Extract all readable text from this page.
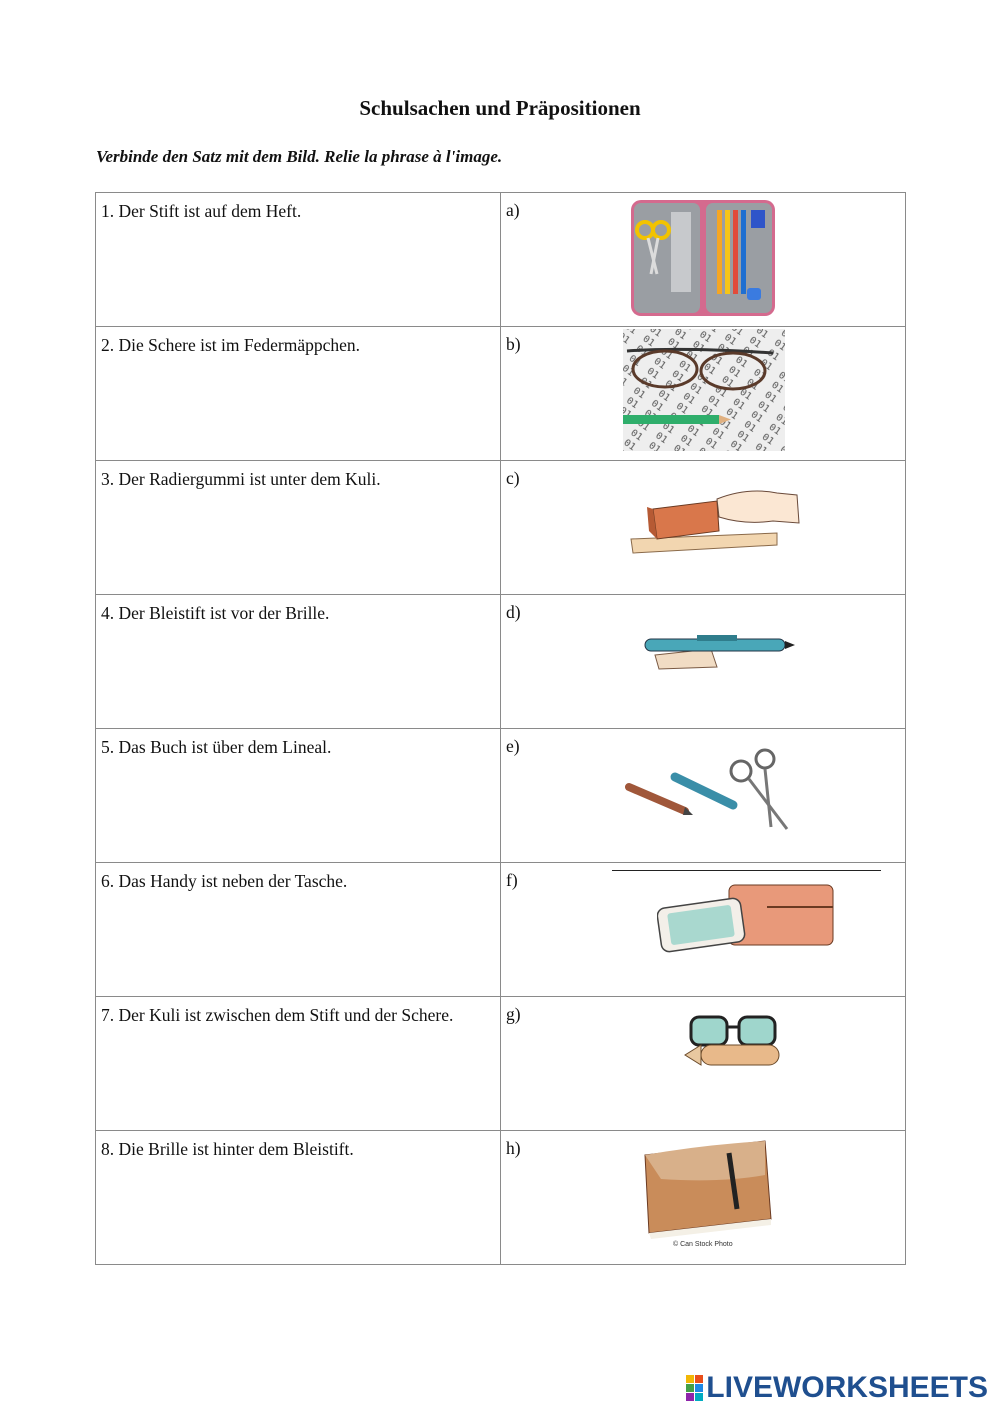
Schulsachen und Präpositionen
Verbinde den Satz mit dem Bild. Relie la phrase à l'image.
1. Der Stift ist auf dem Heft.	a)

2. Die Schere ist im Federmäppchen.	b)

3. Der Radiergummi ist unter dem Kuli.	c)

4. Der Bleistift ist vor der Brille.	d)

5. Das Buch ist über dem Lineal.	e)

6. Das Handy ist neben der Tasche.	f)

7. Der Kuli ist zwischen dem Stift und der Schere.	g)

8. Die Brille ist hinter dem Bleistift.	h)
© Can Stock Photo
LIVEWORKSHEETS
